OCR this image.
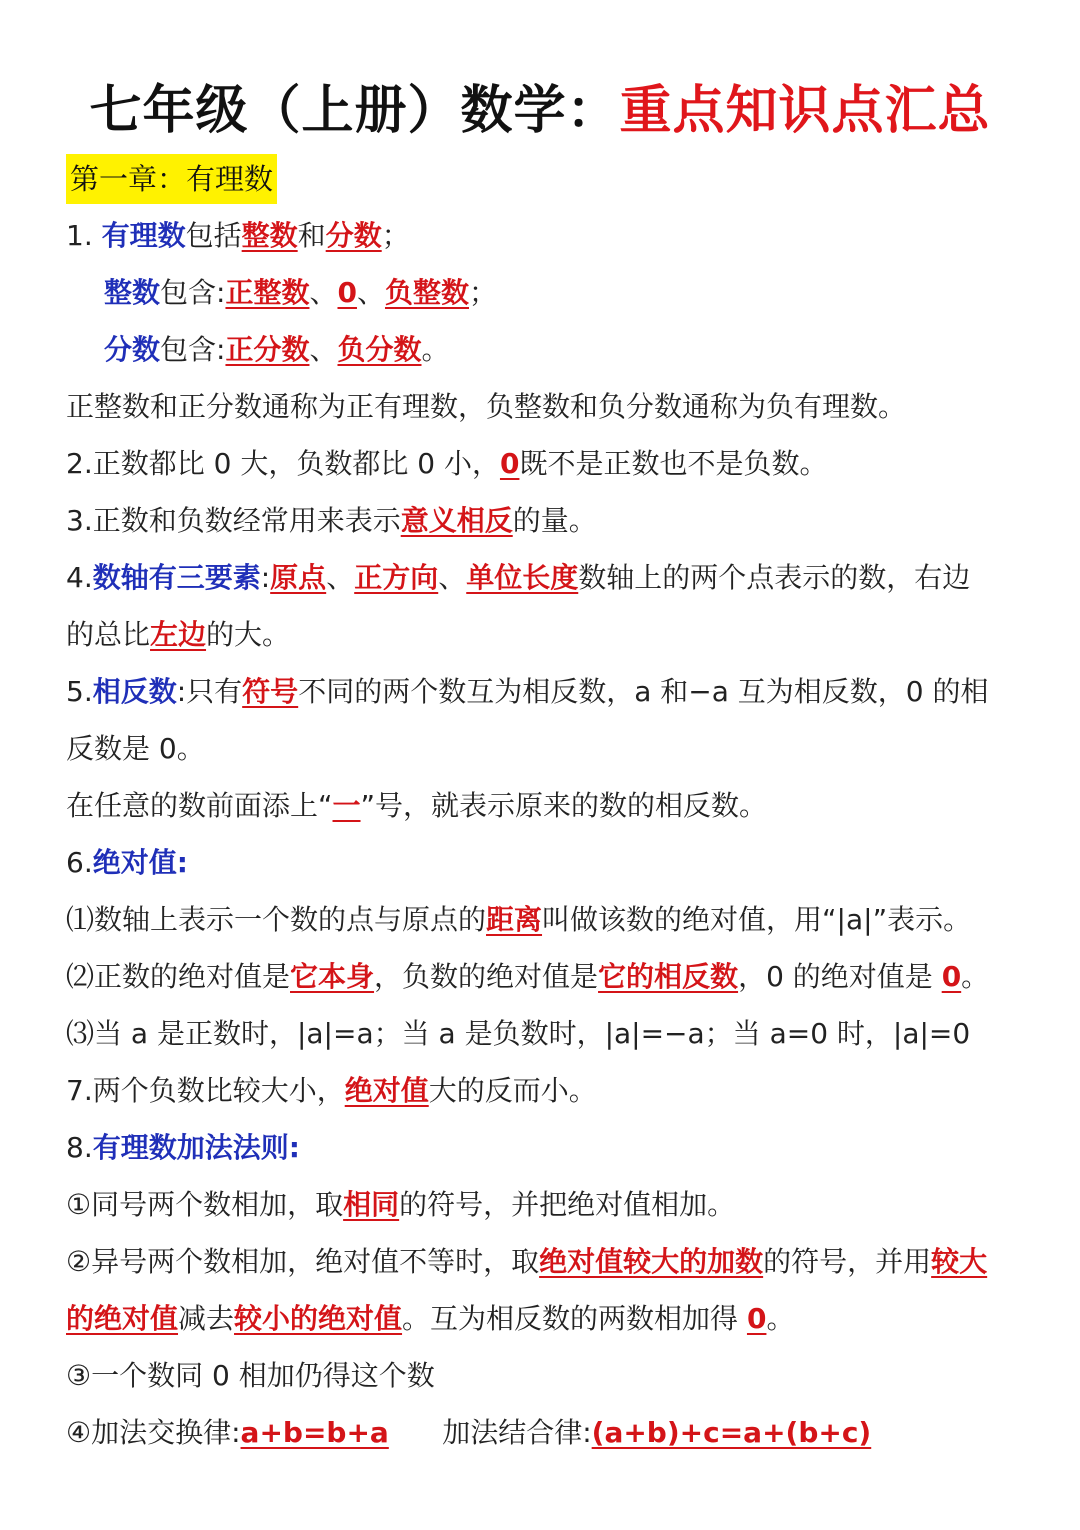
七年级（上册）数学：重点知识点汇总
第一章：有理数
1. 有理数包括整数和分数；
整数包含:正整数、0、负整数；
分数包含:正分数、负分数。
正整数和正分数通称为正有理数，负整数和负分数通称为负有理数。
2.正数都比 0 大，负数都比 0 小，0既不是正数也不是负数。
3.正数和负数经常用来表示意义相反的量。
4.数轴有三要素:原点、正方向、单位长度数轴上的两个点表示的数，右边
的总比左边的大。
5.相反数:只有符号不同的两个数互为相反数，a 和−a 互为相反数，0 的相
反数是 0。
在任意的数前面添上“一”号，就表示原来的数的相反数。
6.绝对值:
⑴数轴上表示一个数的点与原点的距离叫做该数的绝对值，用“|a|”表示。
⑵正数的绝对值是它本身，负数的绝对值是它的相反数，0 的绝对值是 0。
⑶当 a 是正数时，|a|=a；当 a 是负数时，|a|=−a；当 a=0 时，|a|=0
7.两个负数比较大小，绝对值大的反而小。
8.有理数加法法则:
①同号两个数相加，取相同的符号，并把绝对值相加。
②异号两个数相加，绝对值不等时，取绝对值较大的加数的符号，并用较大
的绝对值减去较小的绝对值。互为相反数的两数相加得 0。
③一个数同 0 相加仍得这个数
④加法交换律:a+b=b+a      加法结合律:(a+b)+c=a+(b+c)
